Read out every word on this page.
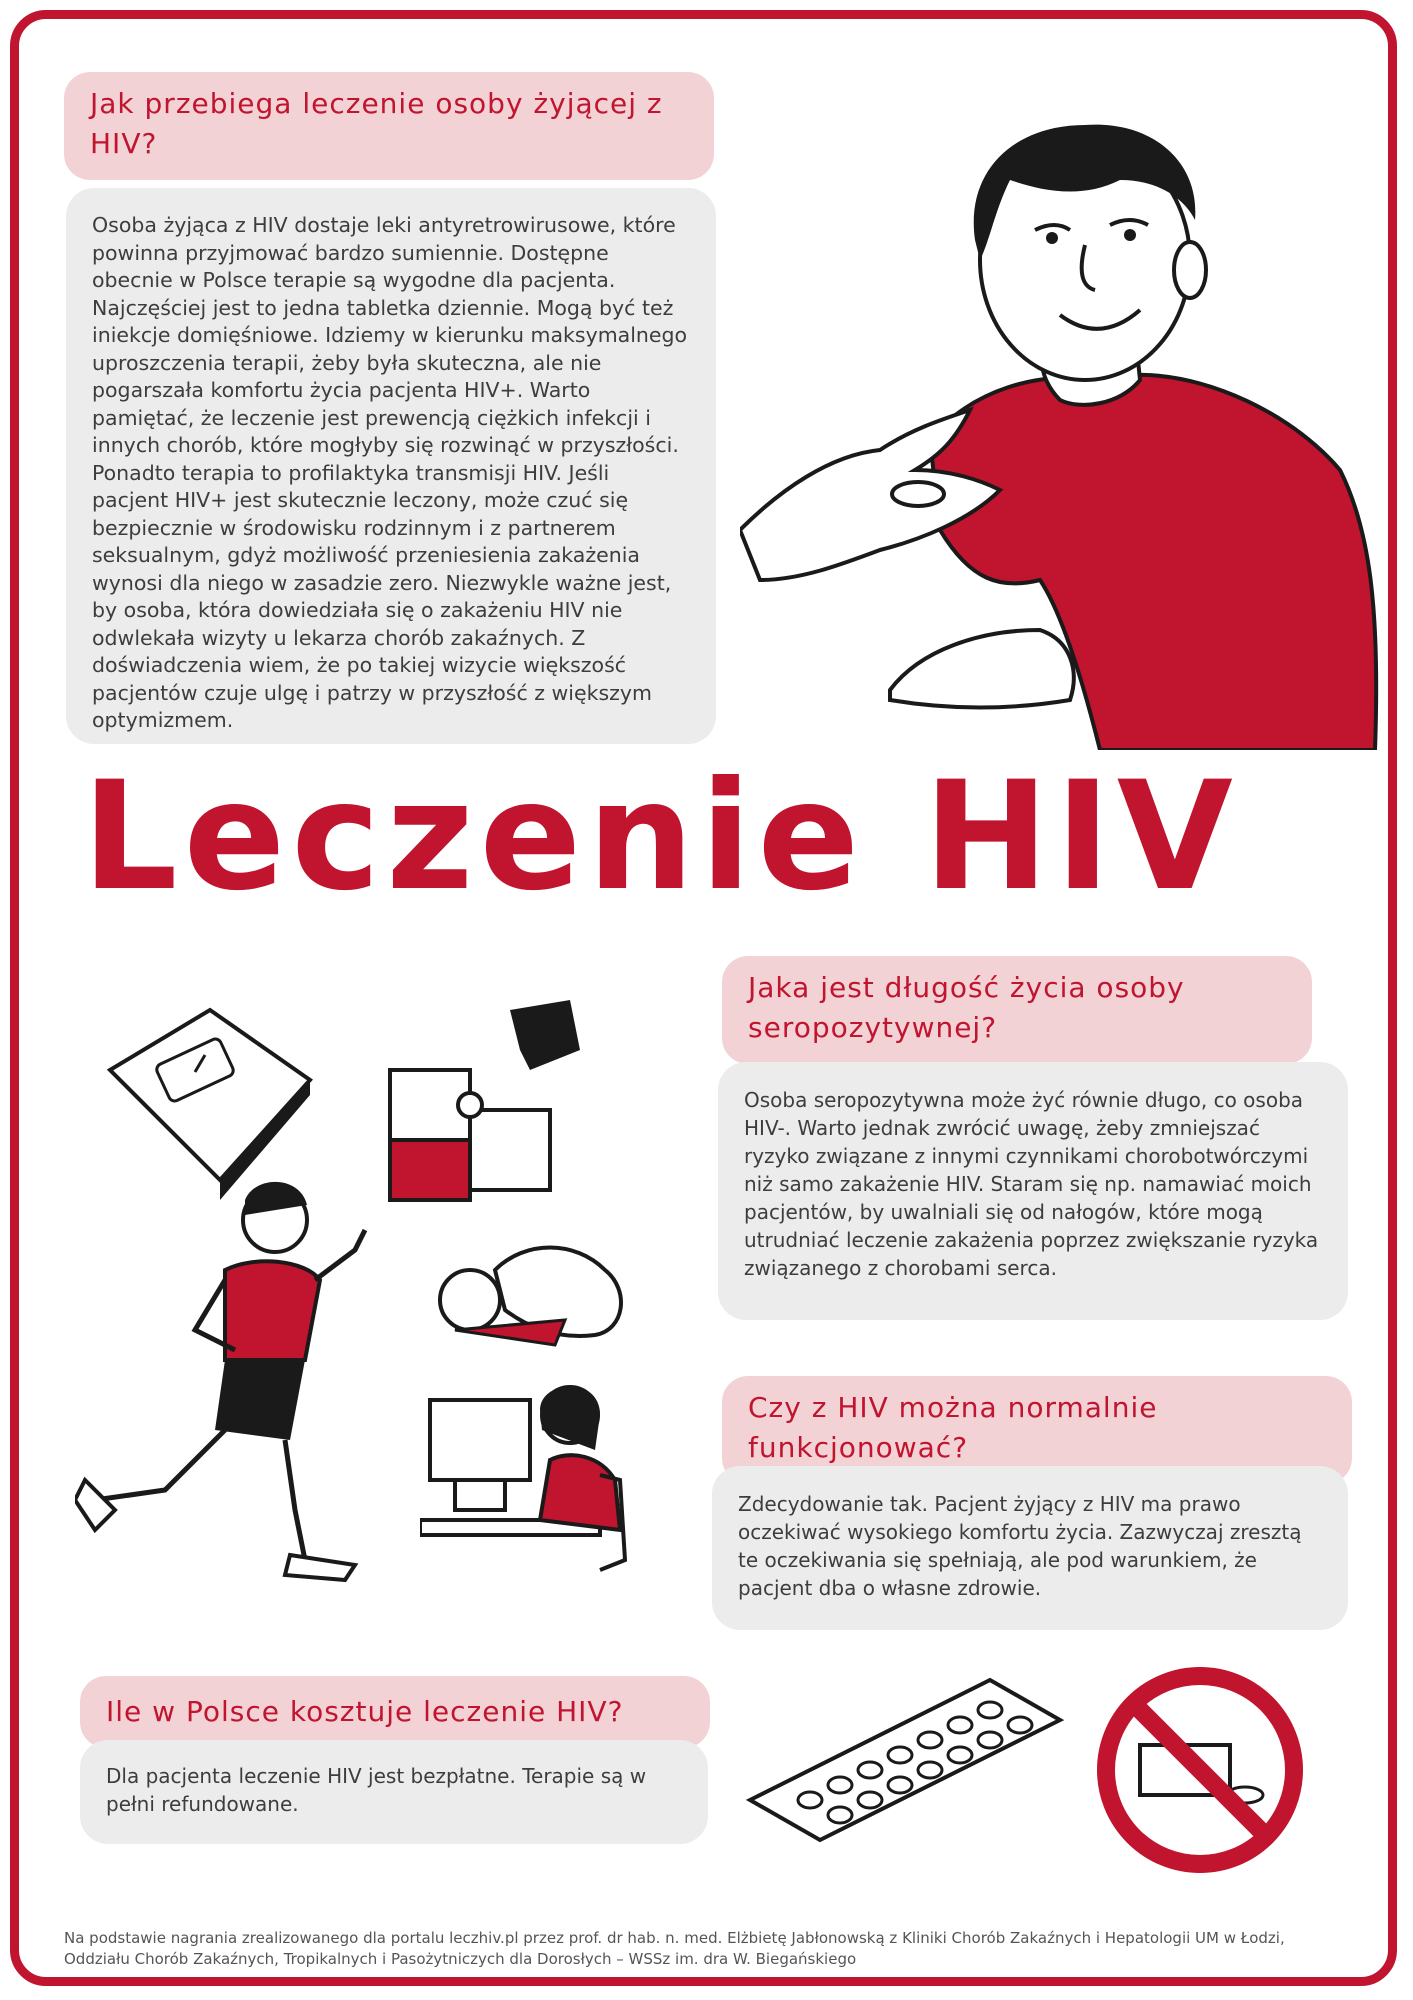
Jak przebiega leczenie osoby żyjącej z HIV?
Osoba żyjąca z HIV dostaje leki antyretrowirusowe, które powinna przyjmować bardzo sumiennie. Dostępne obecnie w Polsce terapie są wygodne dla pacjenta. Najczęściej jest to jedna tabletka dziennie. Mogą być też iniekcje domięśniowe. Idziemy w kierunku maksymalnego uproszczenia terapii, żeby była skuteczna, ale nie pogarszała komfortu życia pacjenta HIV+. Warto pamiętać, że leczenie jest prewencją ciężkich infekcji i innych chorób, które mogłyby się rozwinąć w przyszłości. Ponadto terapia to profilaktyka transmisji HIV. Jeśli pacjent HIV+ jest skutecznie leczony, może czuć się bezpiecznie w środowisku rodzinnym i z partnerem seksualnym, gdyż możliwość przeniesienia zakażenia wynosi dla niego w zasadzie zero. Niezwykle ważne jest, by osoba, która dowiedziała się o zakażeniu HIV nie odwlekała wizyty u lekarza chorób zakaźnych. Z doświadczenia wiem, że po takiej wizycie większość pacjentów czuje ulgę i patrzy w przyszłość z większym optymizmem.
Leczenie HIV
Jaka jest długość życia osoby seropozytywnej?
Osoba seropozytywna może żyć równie długo, co osoba HIV-. Warto jednak zwrócić uwagę, żeby zmniejszać ryzyko związane z innymi czynnikami chorobotwórczymi niż samo zakażenie HIV. Staram się np. namawiać moich pacjentów, by uwalniali się od nałogów, które mogą utrudniać leczenie zakażenia poprzez zwiększanie ryzyka związanego z chorobami serca.
Czy z HIV można normalnie funkcjonować?
Zdecydowanie tak. Pacjent żyjący z HIV ma prawo oczekiwać wysokiego komfortu życia. Zazwyczaj zresztą te oczekiwania się spełniają, ale pod warunkiem, że pacjent dba o własne zdrowie.
Ile w Polsce kosztuje leczenie HIV?
Dla pacjenta leczenie HIV jest bezpłatne. Terapie są w pełni refundowane.
Na podstawie nagrania zrealizowanego dla portalu leczhiv.pl przez prof. dr hab. n. med. Elżbietę Jabłonowską z Kliniki Chorób Zakaźnych i Hepatologii UM w Łodzi, Oddziału Chorób Zakaźnych, Tropikalnych i Pasożytniczych dla Dorosłych – WSSz im. dra W. Biegańskiego
